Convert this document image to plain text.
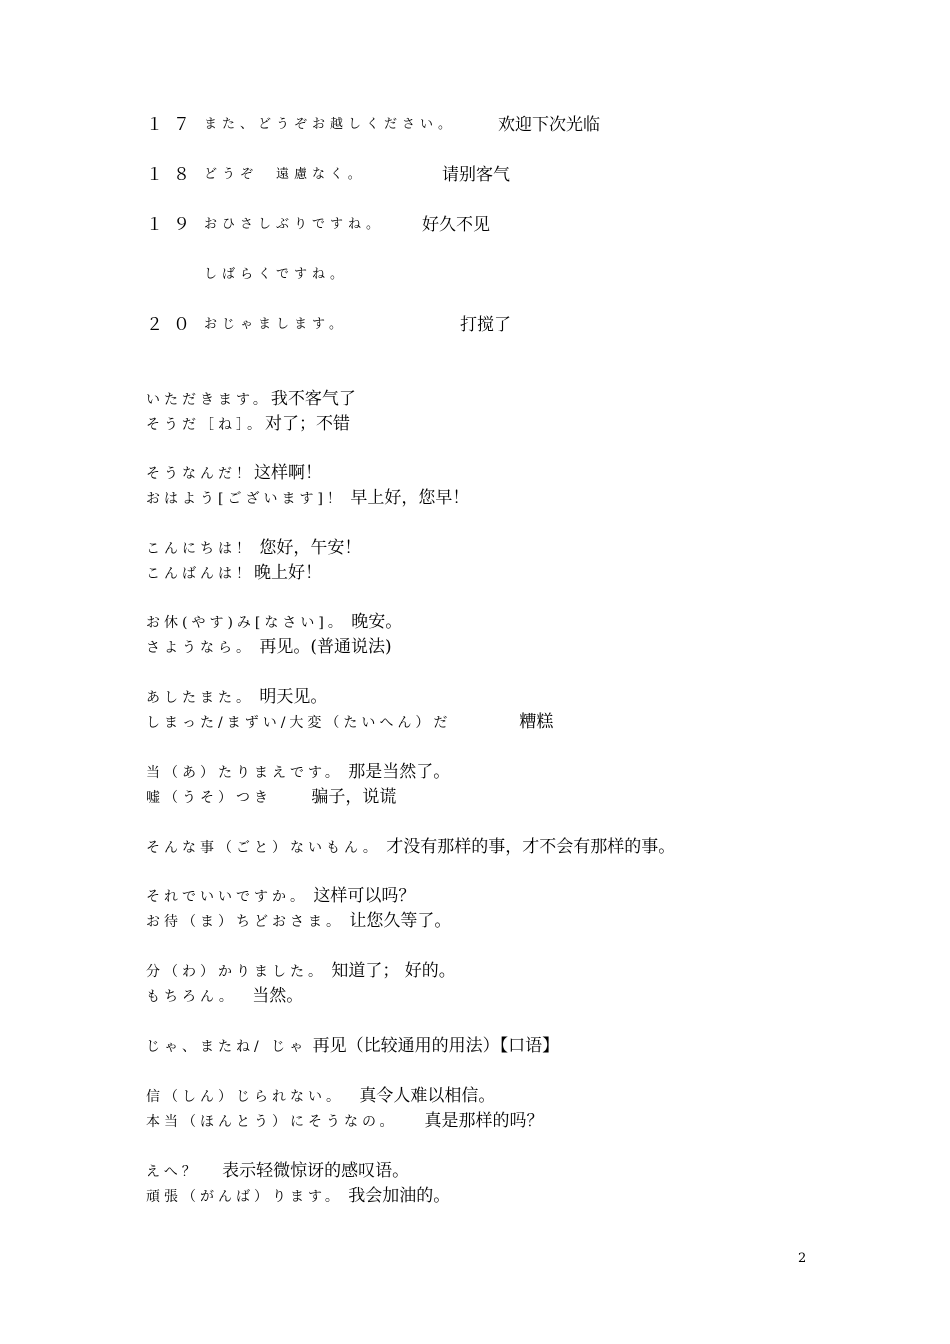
１７ また、どうぞお越しください。 欢迎下次光临
１８ どうぞ　遠慮なく。	请别客气
１９ おひさしぶりですね。 好久不见
しばらくですね。
２０ おじゃまします。	打搅了
いただきます。我不客气了
そうだ［ね］。对了；不错
そうなんだ！这样啊！
おはよう[ございます]！ 早上好，您早！
こんにちは！ 您好，午安！
こんばんは！晚上好！
お休(やす)み[なさい]。 晚安。
さようなら。 再见。(普通说法)
あしたまた。 明天见。
しまった/まずい/大変（たいへん）だ　　　　糟糕
当（あ）たりまえです。 那是当然了。
嘘（うそ）つき　　 骗子，说谎
そんな事（ごと）ないもん。 才没有那样的事，才不会有那样的事。
それでいいですか。 这样可以吗？
お待（ま）ちどおさま。 让您久等了。
分（わ）かりました。 知道了； 好的。
もちろん。　 当然。
じゃ、またね/ じゃ 再见（比较通用的用法）【口语】
信（しん）じられない。　 真令人难以相信。
本当（ほんとう）にそうなの。　　真是那样的吗？
えへ？　 表示轻微惊讶的感叹语。
頑張（がんば）ります。 我会加油的。
2
